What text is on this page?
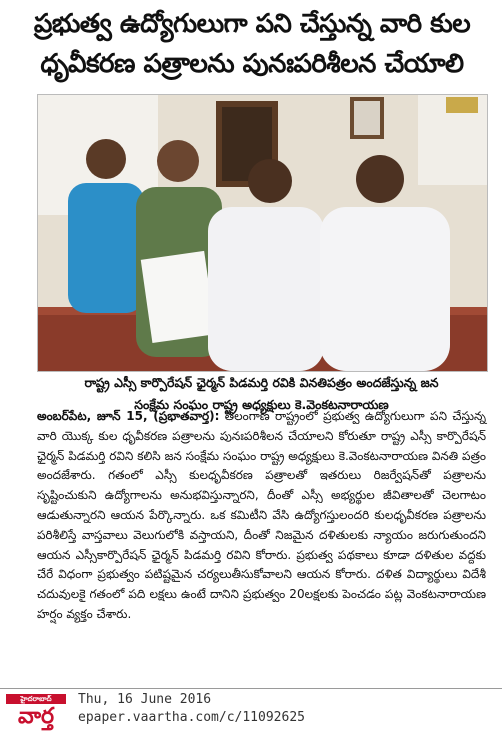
ప్రభుత్వ ఉద్యోగులుగా పని చేస్తున్న వారి కుల
ధృవీకరణ పత్రాలను పునఃపరిశీలన చేయాలి
రాష్ట్ర ఎస్సీ కార్పొరేషన్ ఛైర్మన్ పిడమర్తి రవికి వినతిపత్రం అందజేస్తున్న జన
సంక్షేమ సంఘం రాష్ట్ర అధ్యక్షులు కె.వెంకటనారాయణ
అంబర్‌పేట, జూన్ 15, (ప్రభాతవార్త): తెలంగాణ రాష్ట్రంలో ప్రభుత్వ ఉద్యోగులుగా పని చేస్తున్న వారి యొక్క కుల ధృవీకరణ పత్రాలను పునఃపరిశీలన చేయాలని కోరుతూ రాష్ట్ర ఎస్సీ కార్పొరేషన్ ఛైర్మన్ పిడమర్తి రవిని కలిసి జన సంక్షేమ సంఘం రాష్ట్ర అధ్యక్షులు కె.వెంకటనారాయణ వినతి పత్రం అందజేశారు. గతంలో ఎస్సీ కులధృవీకరణ పత్రాలతో ఇతరులు రిజర్వేషన్‌తో పత్రాలను సృష్టించుకుని ఉద్యోగాలను అనుభవిస్తున్నారని, దీంతో ఎస్సీ అభ్యర్థుల జీవితాలతో చెలగాటం ఆడుతున్నారని ఆయన పేర్కొన్నారు. ఒక కమిటీని వేసి ఉద్యోగస్తులందరి కులధృవీకరణ పత్రాలను పరిశీలిస్తే వాస్తవాలు వెలుగులోకి వస్తాయని, దీంతో నిజమైన దళితులకు న్యాయం జరుగుతుందని ఆయన ఎస్సీకార్పొరేషన్ ఛైర్మన్ పిడమర్తి రవిని కోరారు. ప్రభుత్వ పథకాలు కూడా దళితుల వద్దకు చేరే విధంగా ప్రభుత్వం పటిష్టమైన చర్యలుతీసుకోవాలని ఆయన కోరారు. దళిత విద్యార్థులు విదేశీ చదువులకై గతంలో పది లక్షలు ఉంటే దానిని ప్రభుత్వం 20లక్షలకు పెంచడం పట్ల వెంకటనారాయణ హర్షం వ్యక్తం చేశారు.
హైదరాబాద్
వార్త
Thu, 16 June 2016
epaper.vaartha.com/c/11092625
